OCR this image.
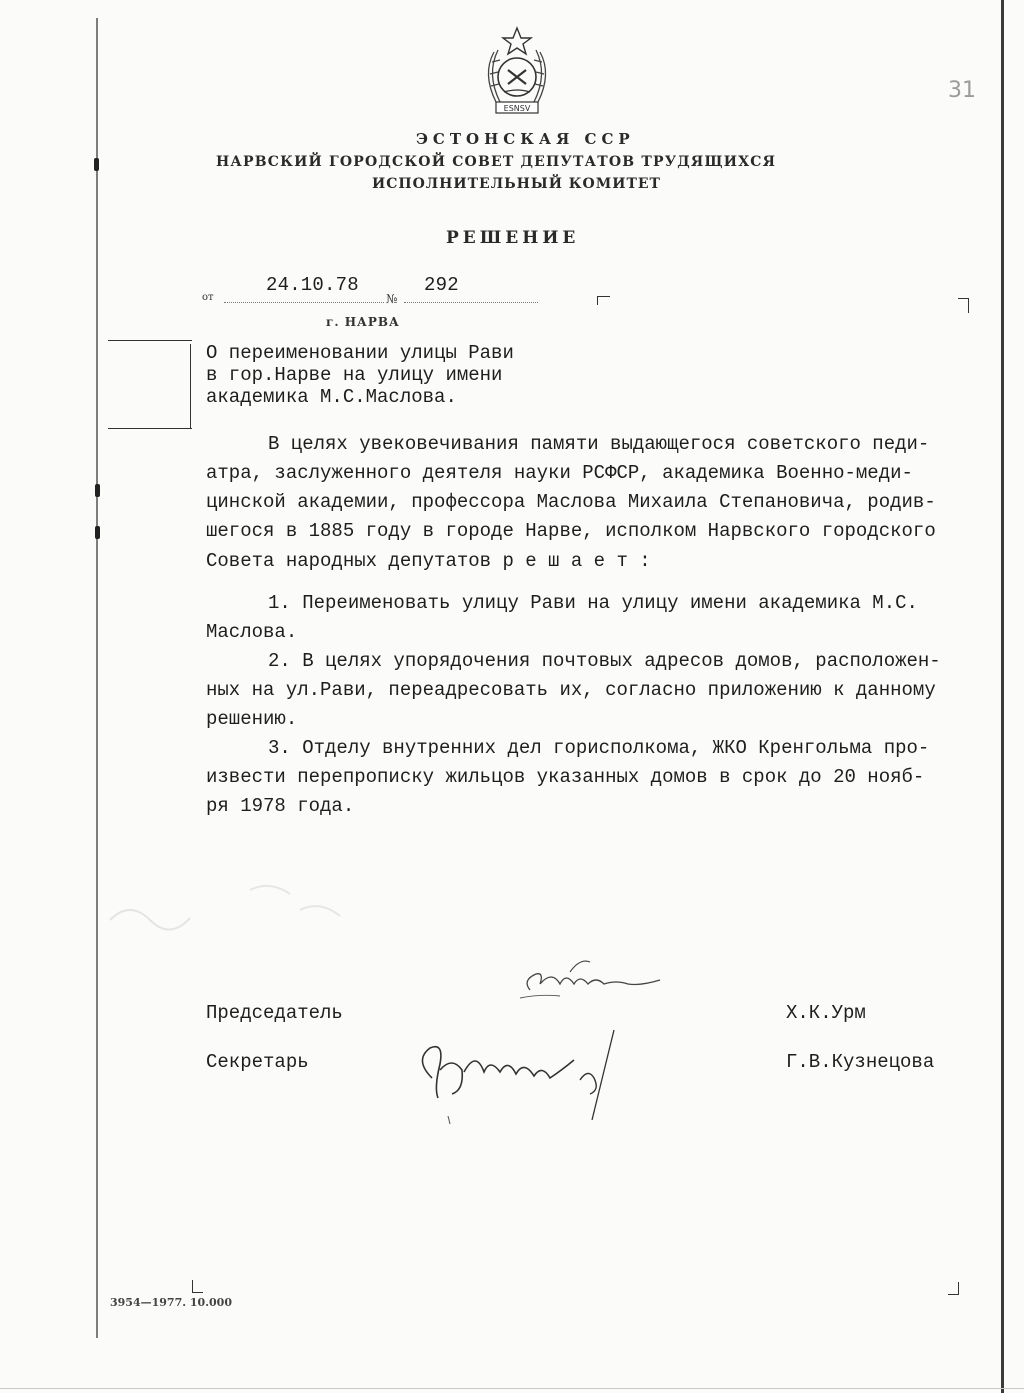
ESNSV
ЭСТОНСКАЯ ССР
НАРВСКИЙ ГОРОДСКОЙ СОВЕТ ДЕПУТАТОВ ТРУДЯЩИХСЯ
ИСПОЛНИТЕЛЬНЫЙ КОМИТЕТ
РЕШЕНИЕ
31
от
24.10.78
№
292
г. НАРВА
О переименовании улицы Рави
в гор.Нарве на улицу имени
академика М.С.Маслова.
В целях увековечивания памяти выдающегося советского педи-
атра, заслуженного деятеля науки РСФСР, академика Военно-меди-
цинской академии, профессора Маслова Михаила Степановича, родив-
шегося в 1885 году в городе Нарве, исполком Нарвского городского
Совета народных депутатов р е ш а е т :
1. Переименовать улицу Рави на улицу имени академика М.С.
Маслова.
2. В целях упорядочения почтовых адресов домов, расположен-
ных на ул.Рави, переадресовать их, согласно приложению к данному
решению.
3. Отделу внутренних дел горисполкома, ЖКО Кренгольма про-
извести перепрописку жильцов указанных домов в срок до 20 нояб-
ря 1978 года.
Председатель	Х.К.Урм
Секретарь	Г.В.Кузнецова
3954—1977. 10.000
